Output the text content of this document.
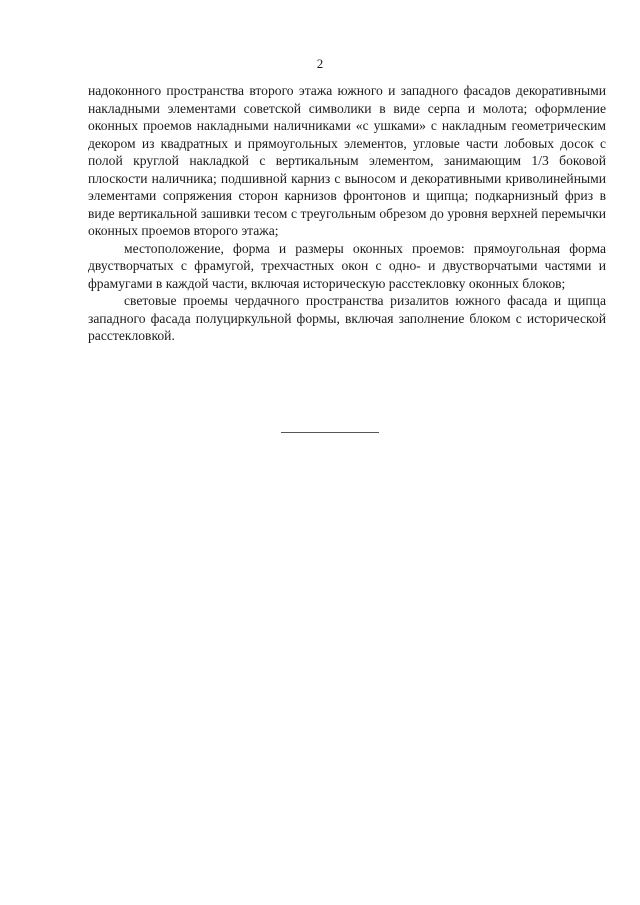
2

надоконного пространства второго этажа южного и западного фасадов декоративными накладными элементами советской символики в виде серпа и молота; оформление оконных проемов накладными наличниками «с ушками» с накладным геометрическим декором из квадратных и прямоугольных элементов, угловые части лобовых досок с полой круглой накладкой с вертикальным элементом, занимающим 1/3 боковой плоскости наличника; подшивной карниз с выносом и декоративными криволинейными элементами сопряжения сторон карнизов фронтонов и щипца; подкарнизный фриз в виде вертикальной зашивки тесом с треугольным обрезом до уровня верхней перемычки оконных проемов второго этажа;

местоположение, форма и размеры оконных проемов: прямоугольная форма двустворчатых с фрамугой, трехчастных окон с одно- и двустворчатыми частями и фрамугами в каждой части, включая историческую расстекловку оконных блоков;

световые проемы чердачного пространства ризалитов южного фасада и щипца западного фасада полуциркульной формы, включая заполнение блоком с исторической расстекловкой.
